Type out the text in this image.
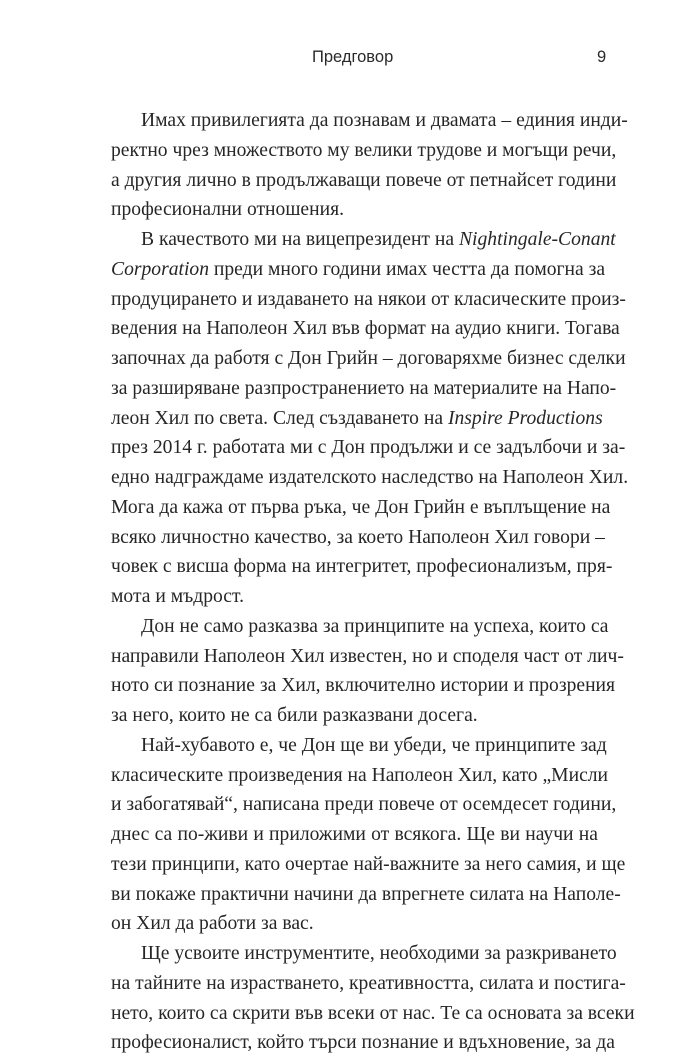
Предговор	9

Имах привилегията да познавам и двамата – единия инди-
ректно чрез множеството му велики трудове и могъщи речи,
а другия лично в продължаващи повече от петнайсет години
професионални отношения.

В качеството ми на вицепрезидент на Nightingale-Conant
Corporation преди много години имах честта да помогна за
продуцирането и издаването на някои от класическите произ-
ведения на Наполеон Хил във формат на аудио книги. Тогава
започнах да работя с Дон Грийн – договаряхме бизнес сделки
за разширяване разпространението на материалите на Напо-
леон Хил по света. След създаването на Inspire Productions
през 2014 г. работата ми с Дон продължи и се задълбочи и за-
едно надграждаме издателското наследство на Наполеон Хил.
Мога да кажа от първа ръка, че Дон Грийн е въплъщение на
всяко личностно качество, за което Наполеон Хил говори –
човек с висша форма на интегритет, професионализъм, пря-
мота и мъдрост.

Дон не само разказва за принципите на успеха, които са
направили Наполеон Хил известен, но и споделя част от лич-
ното си познание за Хил, включително истории и прозрения
за него, които не са били разказвани досега.

Най-хубавото е, че Дон ще ви убеди, че принципите зад
класическите произведения на Наполеон Хил, като „Мисли
и забогатявай“, написана преди повече от осемдесет години,
днес са по-живи и приложими от всякога. Ще ви научи на
тези принципи, като очертае най-важните за него самия, и ще
ви покаже практични начини да впрегнете силата на Наполе-
он Хил да работи за вас.

Ще усвоите инструментите, необходими за разкриването
на тайните на израстването, креативността, силата и постига-
нето, които са скрити във всеки от нас. Те са основата за всеки
професионалист, който търси познание и вдъхновение, за да
